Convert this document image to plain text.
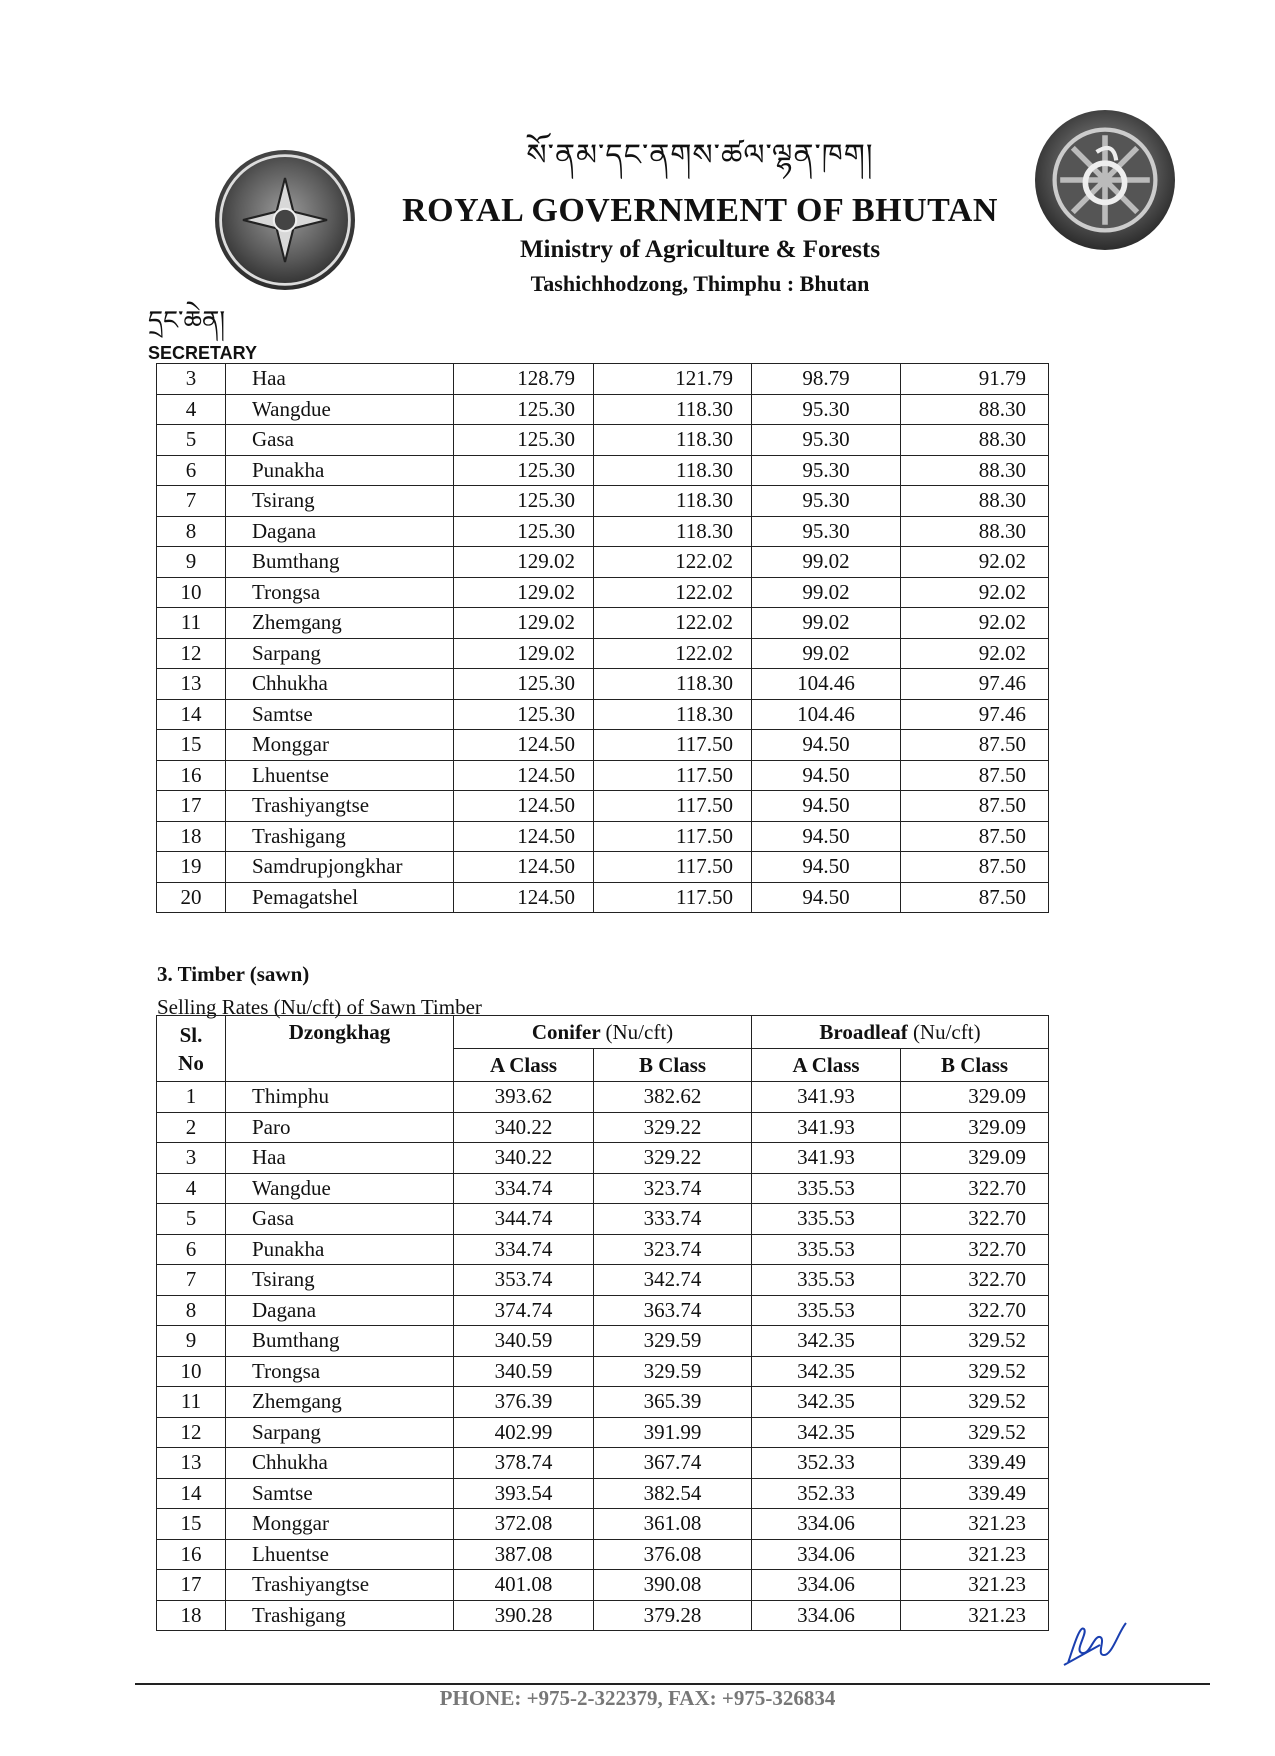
སོ་ནམ་དང་ནགས་ཚལ་ལྷན་ཁག།
ROYAL GOVERNMENT OF BHUTAN
Ministry of Agriculture & Forests
Tashichhodzong, Thimphu : Bhutan
དྲང་ཆེན།
SECRETARY
3	Haa	128.79	121.79	98.79	91.79
4	Wangdue	125.30	118.30	95.30	88.30
5	Gasa	125.30	118.30	95.30	88.30
6	Punakha	125.30	118.30	95.30	88.30
7	Tsirang	125.30	118.30	95.30	88.30
8	Dagana	125.30	118.30	95.30	88.30
9	Bumthang	129.02	122.02	99.02	92.02
10	Trongsa	129.02	122.02	99.02	92.02
11	Zhemgang	129.02	122.02	99.02	92.02
12	Sarpang	129.02	122.02	99.02	92.02
13	Chhukha	125.30	118.30	104.46	97.46
14	Samtse	125.30	118.30	104.46	97.46
15	Monggar	124.50	117.50	94.50	87.50
16	Lhuentse	124.50	117.50	94.50	87.50
17	Trashiyangtse	124.50	117.50	94.50	87.50
18	Trashigang	124.50	117.50	94.50	87.50
19	Samdrupjongkhar	124.50	117.50	94.50	87.50
20	Pemagatshel	124.50	117.50	94.50	87.50
3. Timber (sawn)
Selling Rates (Nu/cft) of Sawn Timber
Sl.
No	Dzongkhag	Conifer (Nu/cft)		Broadleaf (Nu/cft)	
		A Class	B Class	A Class	B Class
1	Thimphu	393.62	382.62	341.93	329.09
2	Paro	340.22	329.22	341.93	329.09
3	Haa	340.22	329.22	341.93	329.09
4	Wangdue	334.74	323.74	335.53	322.70
5	Gasa	344.74	333.74	335.53	322.70
6	Punakha	334.74	323.74	335.53	322.70
7	Tsirang	353.74	342.74	335.53	322.70
8	Dagana	374.74	363.74	335.53	322.70
9	Bumthang	340.59	329.59	342.35	329.52
10	Trongsa	340.59	329.59	342.35	329.52
11	Zhemgang	376.39	365.39	342.35	329.52
12	Sarpang	402.99	391.99	342.35	329.52
13	Chhukha	378.74	367.74	352.33	339.49
14	Samtse	393.54	382.54	352.33	339.49
15	Monggar	372.08	361.08	334.06	321.23
16	Lhuentse	387.08	376.08	334.06	321.23
17	Trashiyangtse	401.08	390.08	334.06	321.23
18	Trashigang	390.28	379.28	334.06	321.23
PHONE: +975-2-322379, FAX: +975-326834
